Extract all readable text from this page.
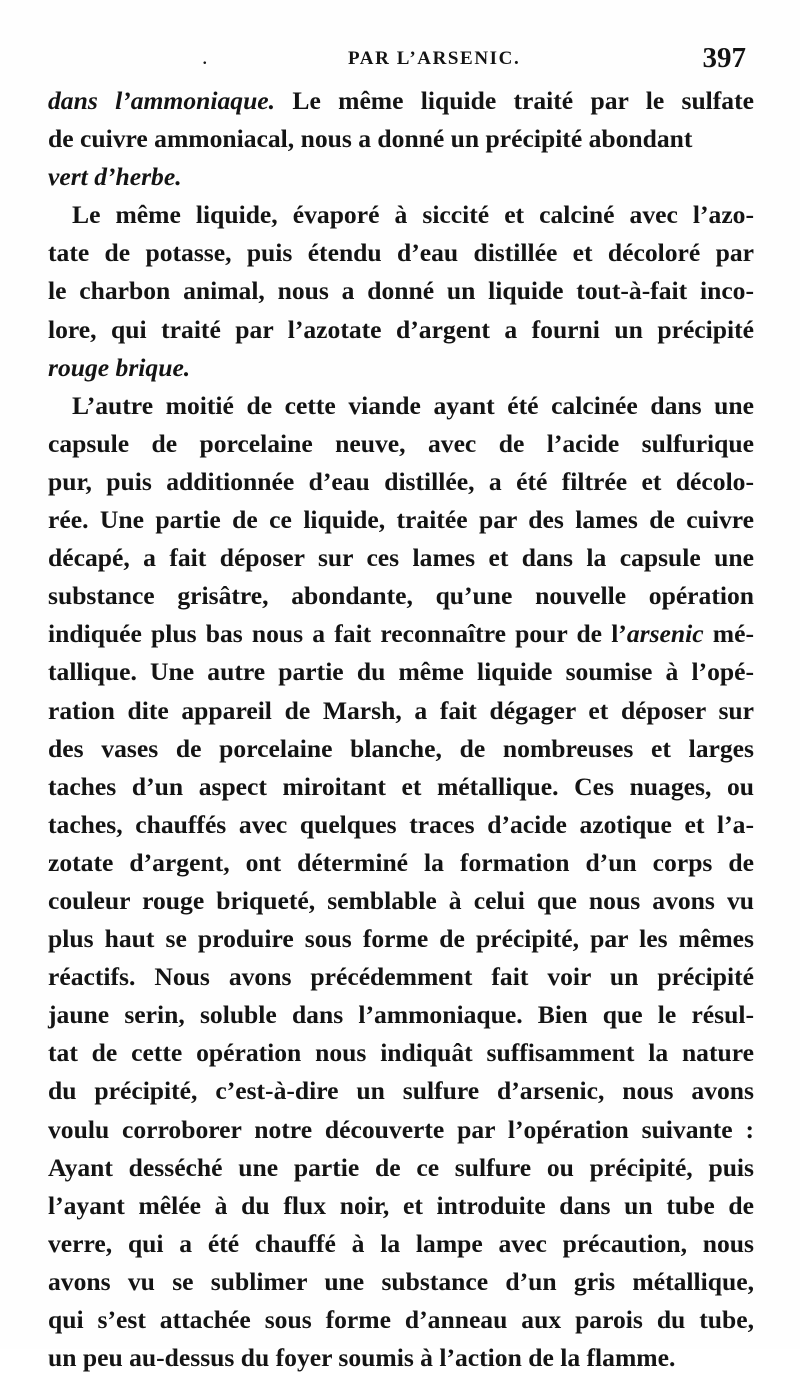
.	PAR L’ARSENIC.	397
dans l’ammoniaque. Le même liquide traité par le sulfate
de cuivre ammoniacal, nous a donné un précipité abondant
vert d’herbe.
Le même liquide, évaporé à siccité et calciné avec l’azo-
tate de potasse, puis étendu d’eau distillée et décoloré par
le charbon animal, nous a donné un liquide tout-à-fait inco-
lore, qui traité par l’azotate d’argent a fourni un précipité
rouge brique.
L’autre moitié de cette viande ayant été calcinée dans une
capsule de porcelaine neuve, avec de l’acide sulfurique
pur, puis additionnée d’eau distillée, a été filtrée et décolo-
rée. Une partie de ce liquide, traitée par des lames de cuivre
décapé, a fait déposer sur ces lames et dans la capsule une
substance grisâtre, abondante, qu’une nouvelle opération
indiquée plus bas nous a fait reconnaître pour de l’arsenic mé-
tallique. Une autre partie du même liquide soumise à l’opé-
ration dite appareil de Marsh, a fait dégager et déposer sur
des vases de porcelaine blanche, de nombreuses et larges
taches d’un aspect miroitant et métallique. Ces nuages, ou
taches, chauffés avec quelques traces d’acide azotique et l’a-
zotate d’argent, ont déterminé la formation d’un corps de
couleur rouge briqueté, semblable à celui que nous avons vu
plus haut se produire sous forme de précipité, par les mêmes
réactifs. Nous avons précédemment fait voir un précipité
jaune serin, soluble dans l’ammoniaque. Bien que le résul-
tat de cette opération nous indiquât suffisamment la nature
du précipité, c’est-à-dire un sulfure d’arsenic, nous avons
voulu corroborer notre découverte par l’opération suivante :
Ayant desséché une partie de ce sulfure ou précipité, puis
l’ayant mêlée à du flux noir, et introduite dans un tube de
verre, qui a été chauffé à la lampe avec précaution, nous
avons vu se sublimer une substance d’un gris métallique,
qui s’est attachée sous forme d’anneau aux parois du tube,
un peu au-dessus du foyer soumis à l’action de la flamme.
